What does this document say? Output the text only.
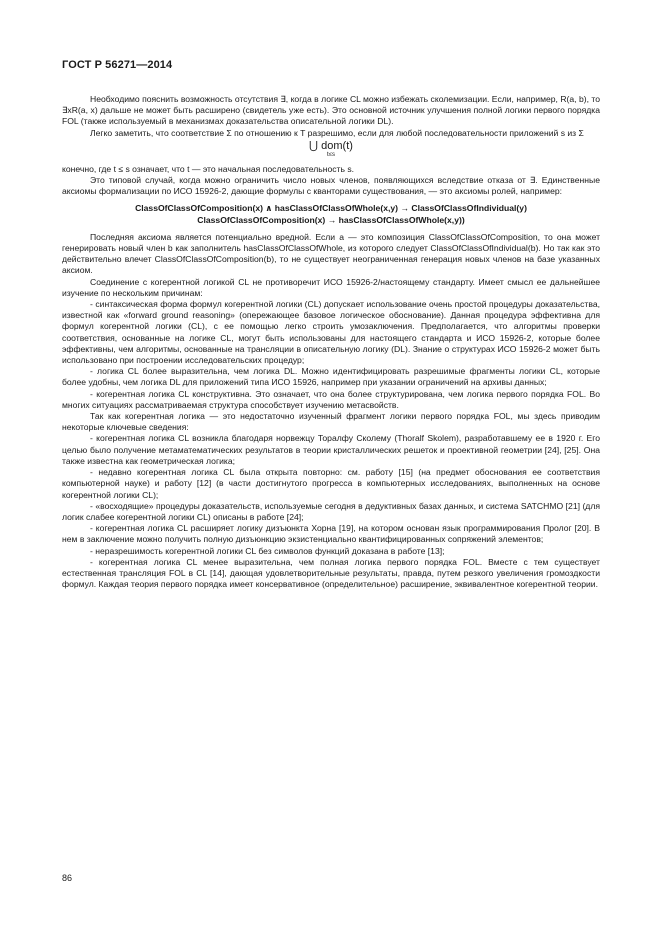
ГОСТ Р 56271—2014

Необходимо пояснить возможность отсутствия ∃, когда в логике CL можно избежать сколемизации. Если, например, R(a, b), то ∃xR(a, x) дальше не может быть расширено (свидетель уже есть). Это основной источник улучшения полной логики первого порядка FOL (также используемый в механизмах доказательства описательной логики DL).

Легко заметить, что соответствие Σ по отношению к T разрешимо, если для любой последовательности приложений s из Σ

⋃ dom(t)
t≤s

конечно, где t ≤ s означает, что t — это начальная последовательность s.

Это типовой случай, когда можно ограничить число новых членов, появляющихся вследствие отказа от ∃. Единственные аксиомы формализации по ИСО 15926-2, дающие формулы с кванторами существования, — это аксиомы ролей, например:

ClassOfClassOfComposition(x) ∧ hasClassOfClassOfWhole(x,y) → ClassOfClassOfIndividual(y)
ClassOfClassOfComposition(x) → hasClassOfClassOfWhole(x,y))

Последняя аксиома является потенциально вредной. Если a — это композиция ClassOfClassOfComposition, то она может генерировать новый член b как заполнитель hasClassOfClassOfWhole, из которого следует ClassOfClassOfIndividual(b). Но так как это действительно влечет ClassOfClassOfComposition(b), то не существует неограниченная генерация новых членов на базе указанных аксиом.

Соединение с когерентной логикой CL не противоречит ИСО 15926-2/настоящему стандарту. Имеет смысл ее дальнейшее изучение по нескольким причинам:

- синтаксическая форма формул когерентной логики (CL) допускает использование очень простой процедуры доказательства, известной как «forward ground reasoning» (опережающее базовое логическое обоснование). Данная процедура эффективна для формул когерентной логики (CL), с ее помощью легко строить умозаключения. Предполагается, что алгоритмы проверки соответствия, основанные на логике CL, могут быть использованы для настоящего стандарта и ИСО 15926-2, которые более эффективны, чем алгоритмы, основанные на трансляции в описательную логику (DL). Знание о структурах ИСО 15926-2 может быть использовано при построении исследовательских процедур;

- логика CL более выразительна, чем логика DL. Можно идентифицировать разрешимые фрагменты логики CL, которые более удобны, чем логика DL для приложений типа ИСО 15926, например при указании ограничений на архивы данных;

- когерентная логика CL конструктивна. Это означает, что она более структурирована, чем логика первого порядка FOL. Во многих ситуациях рассматриваемая структура способствует изучению метасвойств.

Так как когерентная логика — это недостаточно изученный фрагмент логики первого порядка FOL, мы здесь приводим некоторые ключевые сведения:

- когерентная логика CL возникла благодаря норвежцу Торалфу Сколему (Thoralf Skolem), разработавшему ее в 1920 г. Его целью было получение метаматематических результатов в теории кристаллических решеток и проективной геометрии [24], [25]. Она также известна как геометрическая логика;

- недавно когерентная логика CL была открыта повторно: см. работу [15] (на предмет обоснования ее соответствия компьютерной науке) и работу [12] (в части достигнутого прогресса в компьютерных исследованиях, выполненных на основе когерентной логики CL);

- «восходящие» процедуры доказательств, используемые сегодня в дедуктивных базах данных, и система SATCHMO [21] (для логик слабее когерентной логики CL) описаны в работе [24];

- когерентная логика CL расширяет логику дизъюнкта Хорна [19], на котором основан язык программирования Пролог [20]. В нем в заключение можно получить полную дизъюнкцию экзистенциально квантифицированных сопряжений элементов;

- неразрешимость когерентной логики CL без символов функций доказана в работе [13];

- когерентная логика CL менее выразительна, чем полная логика первого порядка FOL. Вместе с тем существует естественная трансляция FOL в CL [14], дающая удовлетворительные результаты, правда, путем резкого увеличения громоздкости формул. Каждая теория первого порядка имеет консервативное (определительное) расширение, эквивалентное когерентной теории.

86
